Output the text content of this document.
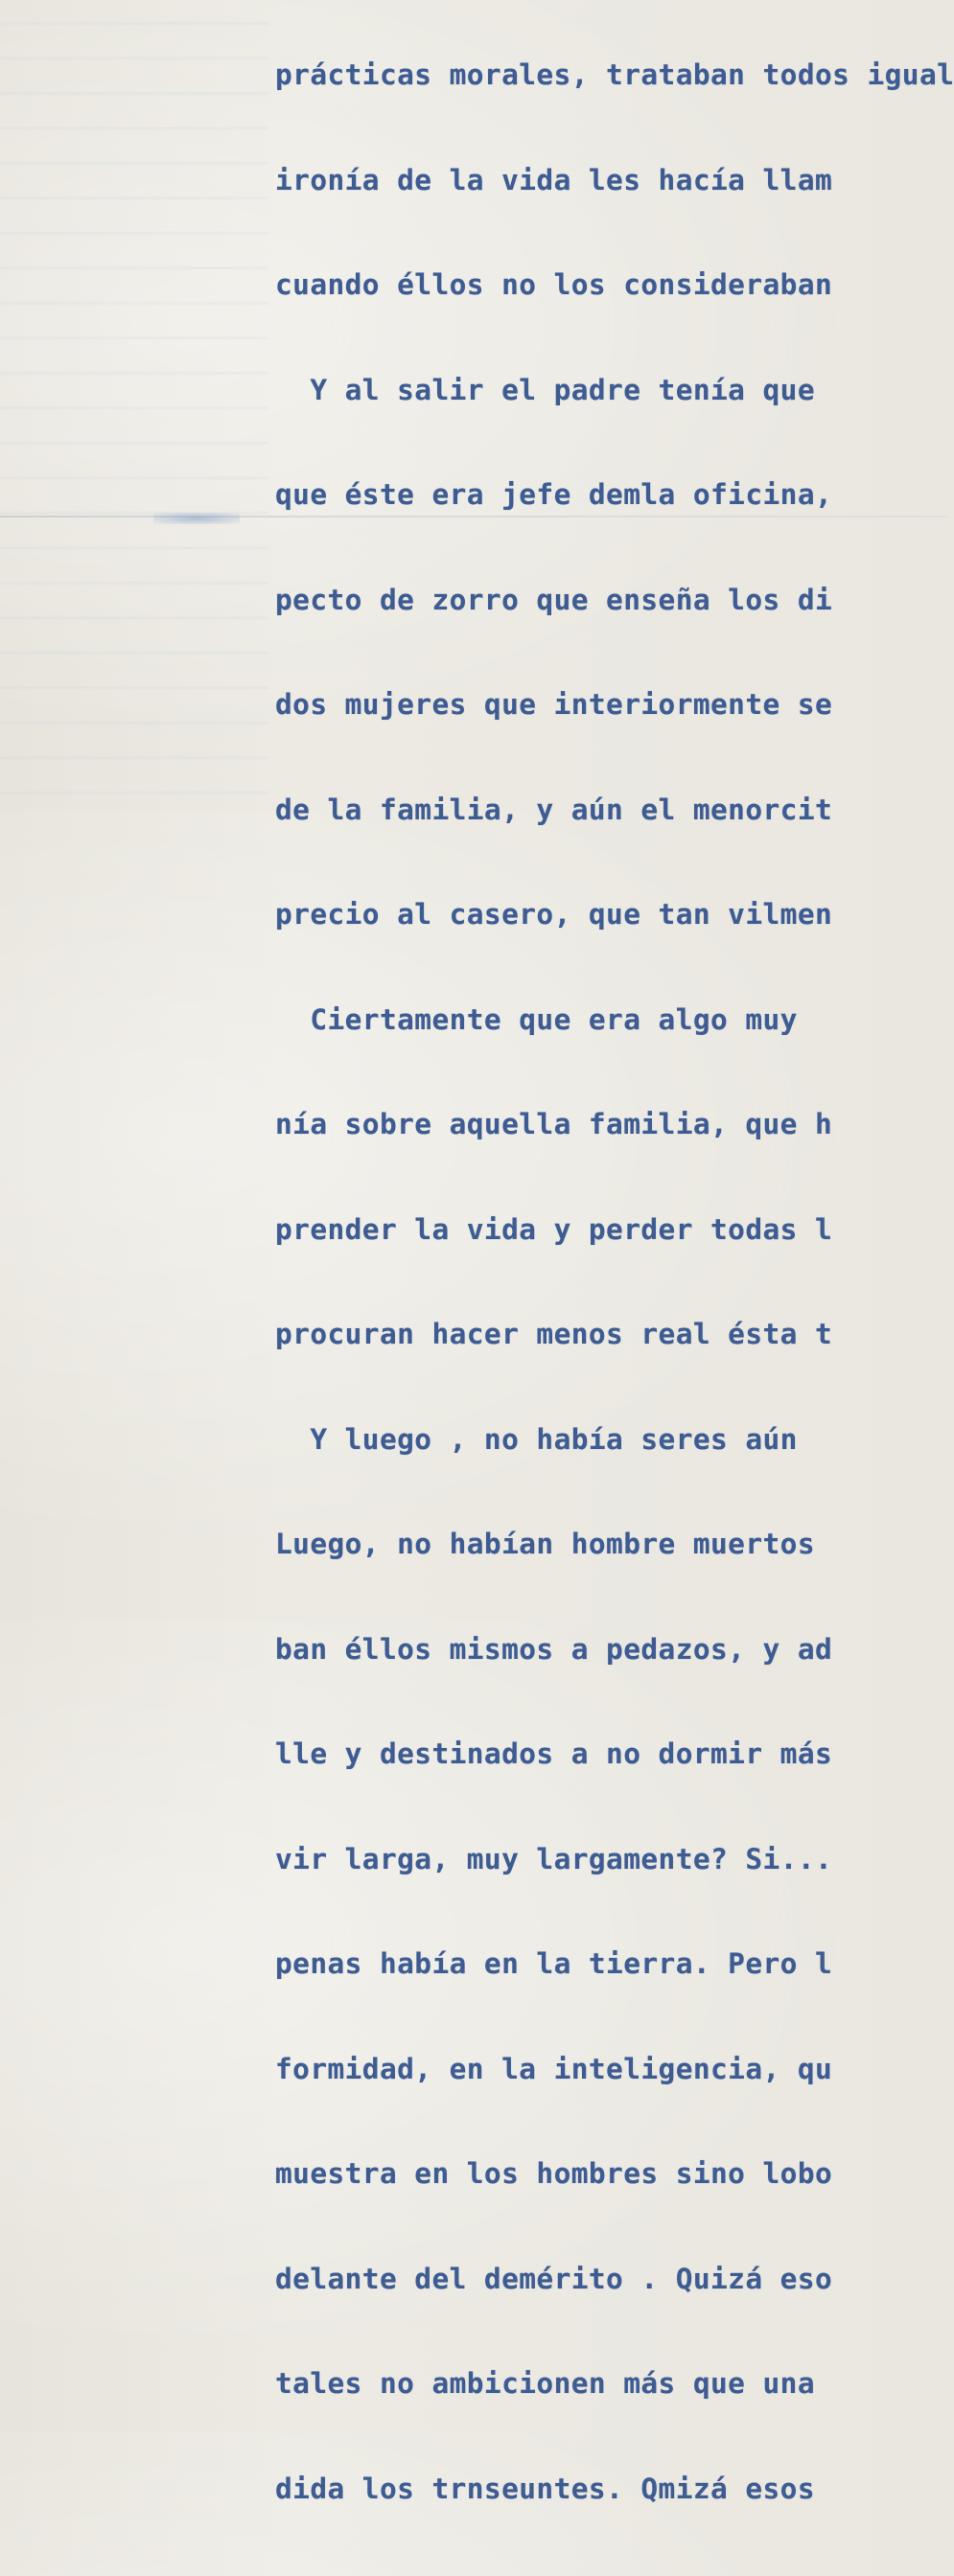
prácticas morales, trataban todos igual

ironía de la vida les hacía llam

cuando éllos no los consideraban

Y al salir el padre tenía que

que éste era jefe demla oficina,

pecto de zorro que enseña los di

dos mujeres que interiormente se

de la familia, y aún el menorcit

precio al casero, que tan vilmen

Ciertamente que era algo muy

nía sobre aquella familia, que h

prender la vida y perder todas l

procuran hacer menos real ésta t

Y luego , no había seres aún

Luego, no habían hombre muertos

ban éllos mismos a pedazos, y ad

lle y destinados a no dormir más

vir larga, muy largamente? Si...

penas había en la tierra. Pero l

formidad, en la inteligencia, qu

muestra en los hombres sino lobo

delante del demérito . Quizá eso

tales no ambicionen más que una

dida los trnseuntes. Qmizá esos
